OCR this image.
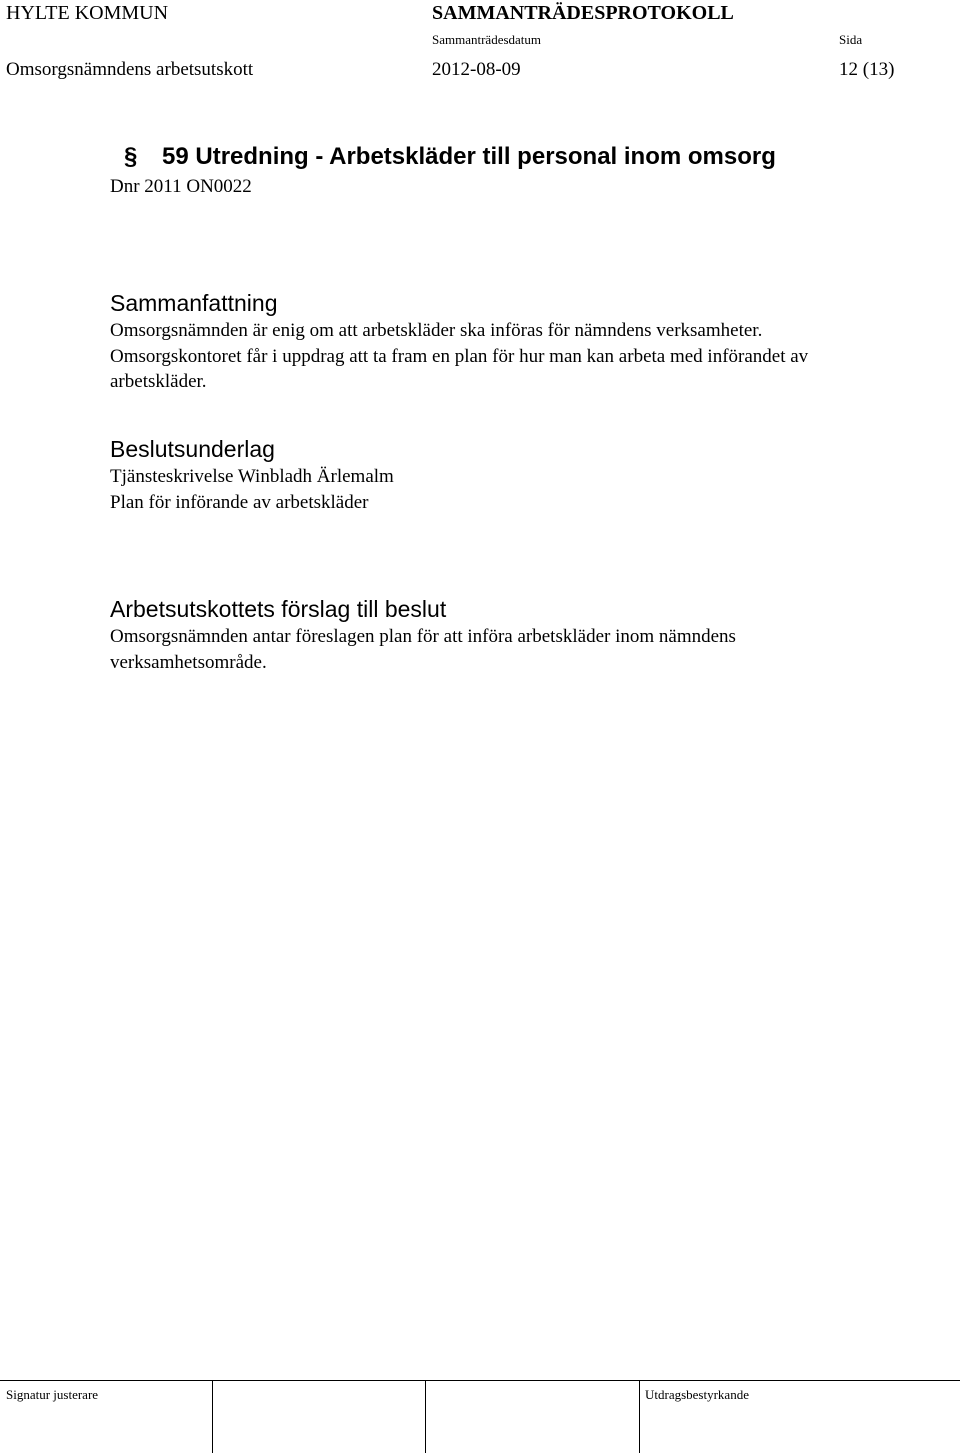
HYLTE KOMMUN	SAMMANTRÄDESPROTOKOLL
Sammanträdesdatum	Sida
Omsorgsnämndens arbetsutskott	2012-08-09	12 (13)
§ 59 Utredning - Arbetskläder till personal inom omsorg
Dnr 2011 ON0022
Sammanfattning

Omsorgsnämnden är enig om att arbetskläder ska införas för nämndens verksamheter.

Omsorgskontoret får i uppdrag att ta fram en plan för hur man kan arbeta med införandet av

arbetskläder.

Beslutsunderlag

Tjänsteskrivelse Winbladh Ärlemalm

Plan för införande av arbetskläder

Arbetsutskottets förslag till beslut

Omsorgsnämnden antar föreslagen plan för att införa arbetskläder inom nämndens

verksamhetsområde.

Signatur justerare	Utdragsbestyrkande
